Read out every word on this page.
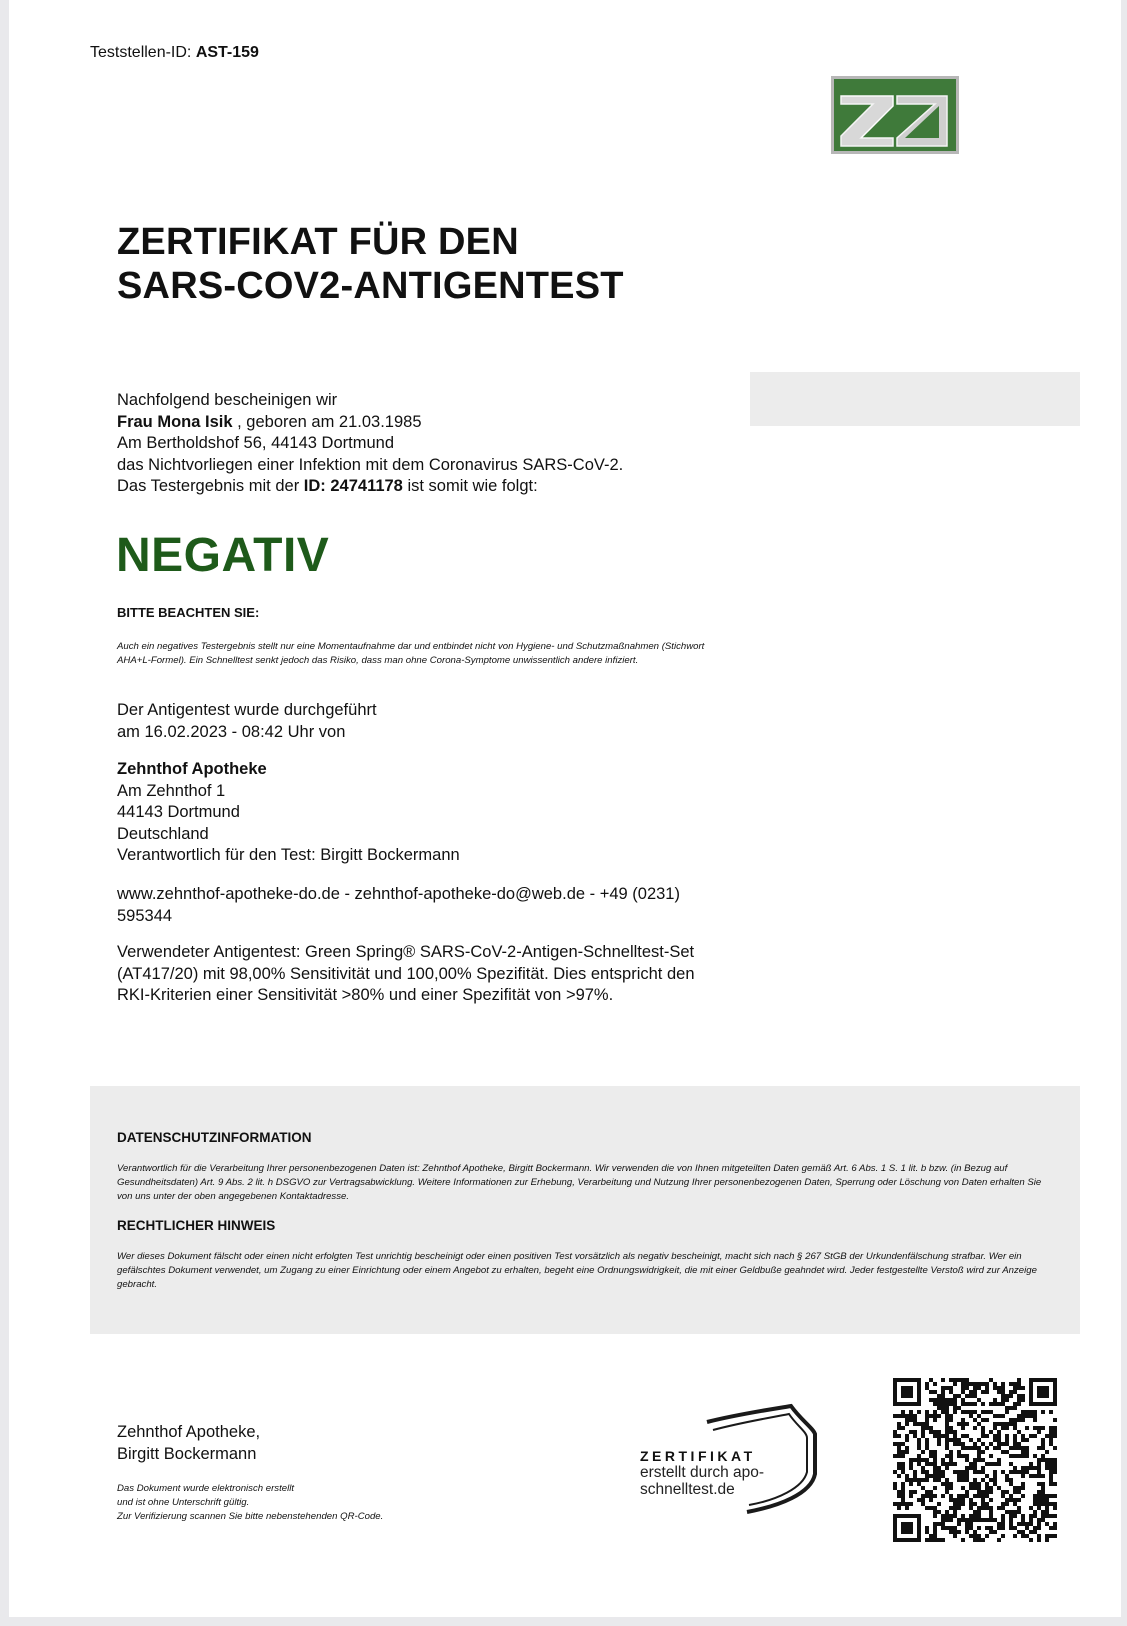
Teststellen-ID: AST-159
ZERTIFIKAT FÜR DEN
SARS-COV2-ANTIGENTEST
Nachfolgend bescheinigen wir
Frau Mona Isik , geboren am 21.03.1985
Am Bertholdshof 56, 44143 Dortmund
das Nichtvorliegen einer Infektion mit dem Coronavirus SARS-CoV-2.
Das Testergebnis mit der ID: 24741178 ist somit wie folgt:
NEGATIV
BITTE BEACHTEN SIE:
Auch ein negatives Testergebnis stellt nur eine Momentaufnahme dar und entbindet nicht von Hygiene- und Schutzmaßnahmen (Stichwort AHA+L-Formel). Ein Schnelltest senkt jedoch das Risiko, dass man ohne Corona-Symptome unwissentlich andere infiziert.
Der Antigentest wurde durchgeführt
am 16.02.2023 - 08:42 Uhr von
Zehnthof Apotheke
Am Zehnthof 1
44143 Dortmund
Deutschland
Verantwortlich für den Test: Birgitt Bockermann
www.zehnthof-apotheke-do.de - zehnthof-apotheke-do@web.de - +49 (0231) 595344
Verwendeter Antigentest: Green Spring® SARS-CoV-2-Antigen-Schnelltest-Set (AT417/20) mit 98,00% Sensitivität und 100,00% Spezifität. Dies entspricht den RKI-Kriterien einer Sensitivität >80% und einer Spezifität von >97%.
DATENSCHUTZINFORMATION
Verantwortlich für die Verarbeitung Ihrer personenbezogenen Daten ist: Zehnthof Apotheke, Birgitt Bockermann. Wir verwenden die von Ihnen mitgeteilten Daten gemäß Art. 6 Abs. 1 S. 1 lit. b bzw. (in Bezug auf Gesundheitsdaten) Art. 9 Abs. 2 lit. h DSGVO zur Vertragsabwicklung. Weitere Informationen zur Erhebung, Verarbeitung und Nutzung Ihrer personenbezogenen Daten, Sperrung oder Löschung von Daten erhalten Sie von uns unter der oben angegebenen Kontaktadresse.
RECHTLICHER HINWEIS
Wer dieses Dokument fälscht oder einen nicht erfolgten Test unrichtig bescheinigt oder einen positiven Test vorsätzlich als negativ bescheinigt, macht sich nach § 267 StGB der Urkundenfälschung strafbar. Wer ein gefälschtes Dokument verwendet, um Zugang zu einer Einrichtung oder einem Angebot zu erhalten, begeht eine Ordnungswidrigkeit, die mit einer Geldbuße geahndet wird. Jeder festgestellte Verstoß wird zur Anzeige gebracht.
Zehnthof Apotheke,
Birgitt Bockermann
Das Dokument wurde elektronisch erstellt
und ist ohne Unterschrift gültig.
Zur Verifizierung scannen Sie bitte nebenstehenden QR-Code.
ZERTIFIKAT
erstellt durch apo-
schnelltest.de
